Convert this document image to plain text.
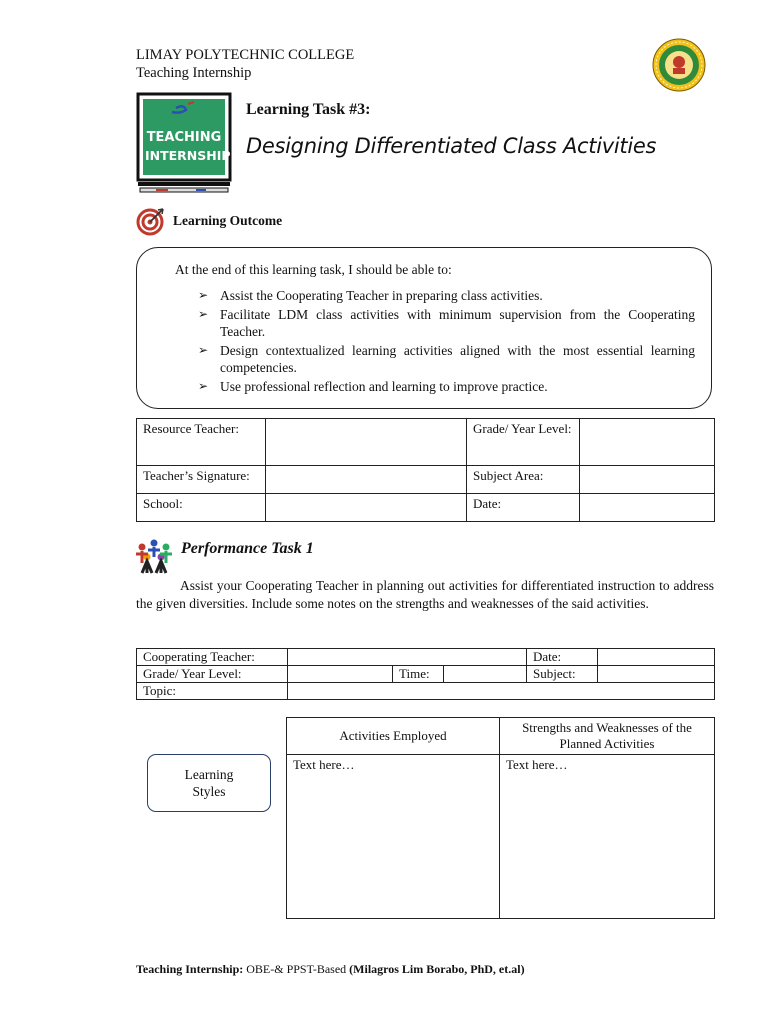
LIMAY POLYTECHNIC COLLEGE
Teaching Internship
TEACHING
INTERNSHIP
Learning Task #3:
Designing Differentiated Class Activities
Learning Outcome
At the end of this learning task, I should be able to:
➢ Assist the Cooperating Teacher in preparing class activities.
➢ Facilitate LDM class activities with minimum supervision from the Cooperating Teacher.
➢ Design contextualized learning activities aligned with the most essential learning competencies.
➢ Use professional reflection and learning to improve practice.
Resource Teacher:		Grade/ Year Level:	
Teacher’s Signature:		Subject Area:	
School:		Date:	
Performance Task 1
Assist your Cooperating Teacher in planning out activities for differentiated instruction to address the given diversities. Include some notes on the strengths and weaknesses of the said activities.
Cooperating Teacher:				Date:	
Grade/ Year Level:		Time:		Subject:	
Topic:					
Learning
Styles
Activities Employed	Strengths and Weaknesses of the Planned Activities
Text here…	Text here…
Teaching Internship: OBE-& PPST-Based (Milagros Lim Borabo, PhD, et.al)
